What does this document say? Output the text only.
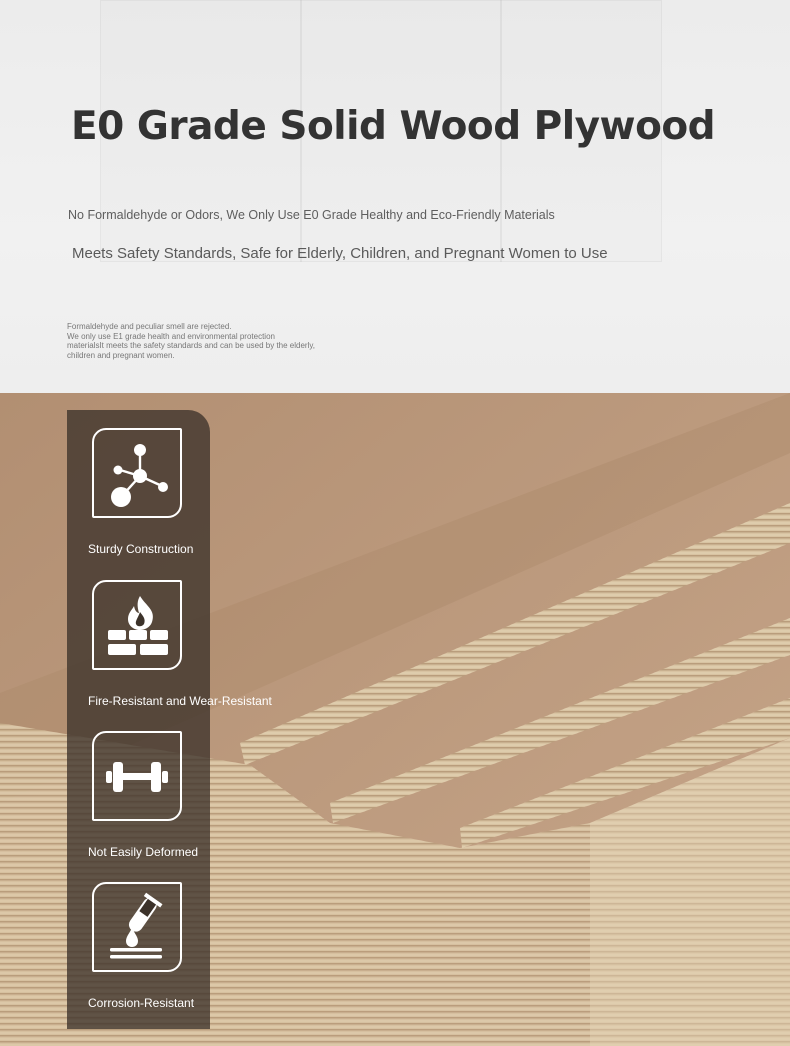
E0 Grade Solid Wood Plywood
No Formaldehyde or Odors, We Only Use E0 Grade Healthy and Eco-Friendly Materials
Meets Safety Standards, Safe for Elderly, Children, and Pregnant Women to Use
Formaldehyde and peculiar smell are rejected.
We only use E1 grade health and environmental protection
materialsIt meets the safety standards and can be used by the elderly,
children and pregnant women.
Sturdy Construction
Fire-Resistant and Wear-Resistant
Not Easily Deformed
Corrosion-Resistant
